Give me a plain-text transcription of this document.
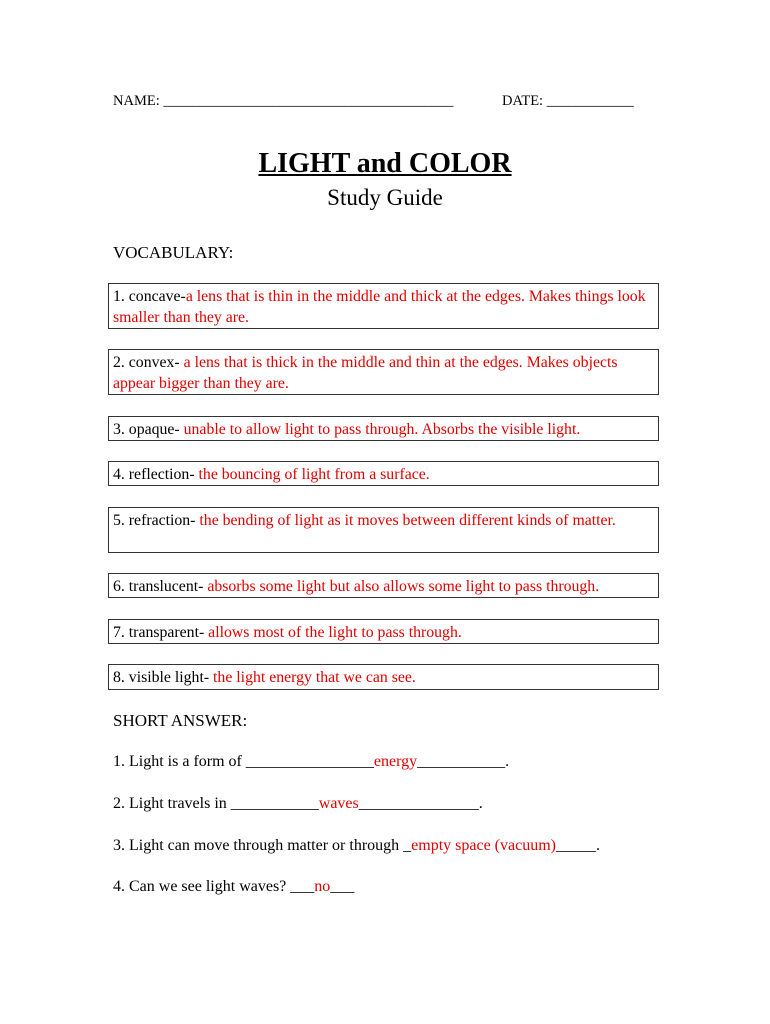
NAME: ________________________________________	DATE: ____________
LIGHT and COLOR
Study Guide
VOCABULARY:
1. concave-a lens that is thin in the middle and thick at the edges. Makes things look smaller than they are.
2. convex- a lens that is thick in the middle and thin at the edges. Makes objects appear bigger than they are.
3. opaque- unable to allow light to pass through. Absorbs the visible light.
4. reflection- the bouncing of light from a surface.
5. refraction- the bending of light as it moves between different kinds of matter.
6. translucent- absorbs some light but also allows some light to pass through.
7. transparent- allows most of the light to pass through.
8. visible light- the light energy that we can see.
SHORT ANSWER:
1. Light is a form of ________________energy___________.
2. Light travels in ___________waves_______________.
3. Light can move through matter or through _empty space (vacuum)_____.
4. Can we see light waves? ___no___
